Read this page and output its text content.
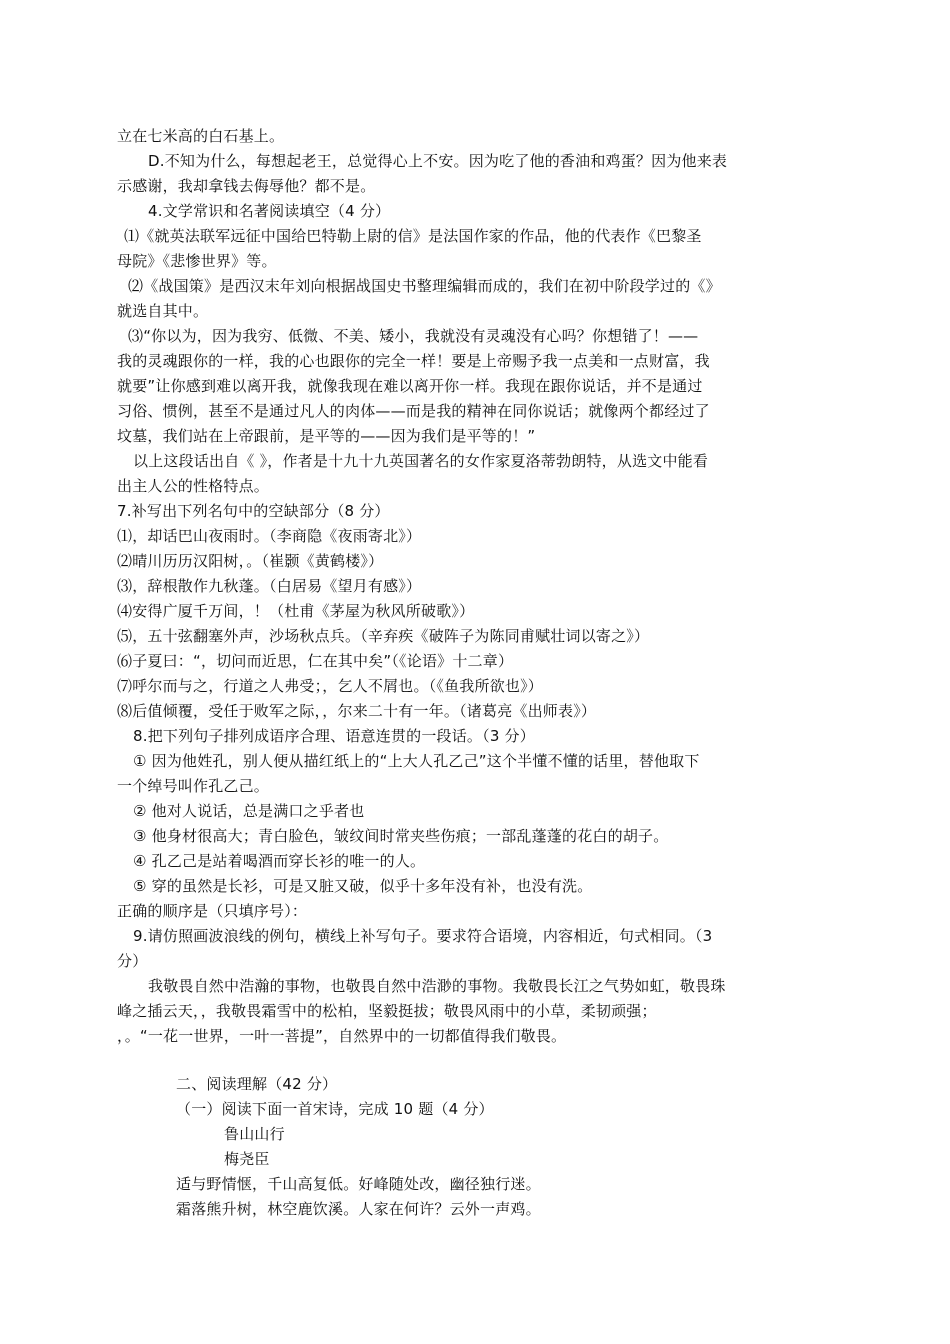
立在七米高的白石基上。
D.不知为什么，每想起老王，总觉得心上不安。因为吃了他的香油和鸡蛋？因为他来表
示感谢，我却拿钱去侮辱他？都不是。
4.文学常识和名著阅读填空（4 分）
⑴《就英法联军远征中国给巴特勒上尉的信》是法国作家的作品，他的代表作《巴黎圣
母院》《悲惨世界》等。
⑵《战国策》是西汉末年刘向根据战国史书整理编辑而成的，我们在初中阶段学过的《》
就选自其中。
⑶“你以为，因为我穷、低微、不美、矮小，我就没有灵魂没有心吗？你想错了！——
我的灵魂跟你的一样，我的心也跟你的完全一样！要是上帝赐予我一点美和一点财富，我
就要”让你感到难以离开我，就像我现在难以离开你一样。我现在跟你说话，并不是通过
习俗、惯例，甚至不是通过凡人的肉体——而是我的精神在同你说话；就像两个都经过了
坟墓，我们站在上帝跟前，是平等的——因为我们是平等的！”
以上这段话出自《 》，作者是十九十九英国著名的女作家夏洛蒂勃朗特，从选文中能看
出主人公的性格特点。
7.补写出下列名句中的空缺部分（8 分）
⑴，却话巴山夜雨时。（李商隐《夜雨寄北》）
⑵晴川历历汉阳树，。（崔颢《黄鹤楼》）
⑶，辞根散作九秋蓬。（白居易《望月有感》）
⑷安得广厦千万间，！（杜甫《茅屋为秋风所破歌》）
⑸，五十弦翻塞外声，沙场秋点兵。（辛弃疾《破阵子为陈同甫赋壮词以寄之》）
⑹子夏曰：“，切问而近思，仁在其中矣”（《论语》十二章）
⑺呼尔而与之，行道之人弗受；，乞人不屑也。（《鱼我所欲也》）
⑻后值倾覆，受任于败军之际，，尔来二十有一年。（诸葛亮《出师表》）
8.把下列句子排列成语序合理、语意连贯的一段话。（3 分）
① 因为他姓孔，别人便从描红纸上的“上大人孔乙己”这个半懂不懂的话里，替他取下
一个绰号叫作孔乙己。
② 他对人说话，总是满口之乎者也
③ 他身材很高大；青白脸色，皱纹间时常夹些伤痕；一部乱蓬蓬的花白的胡子。
④ 孔乙己是站着喝酒而穿长衫的唯一的人。
⑤ 穿的虽然是长衫，可是又脏又破，似乎十多年没有补，也没有洗。
正确的顺序是（只填序号）：
9.请仿照画波浪线的例句，横线上补写句子。要求符合语境，内容相近，句式相同。（3
分）
我敬畏自然中浩瀚的事物，也敬畏自然中浩渺的事物。我敬畏长江之气势如虹，敬畏珠
峰之插云天，，我敬畏霜雪中的松柏，坚毅挺拔；敬畏风雨中的小草，柔韧顽强；
，。“一花一世界，一叶一菩提”，自然界中的一切都值得我们敬畏。
二、阅读理解（42 分）
（一）阅读下面一首宋诗，完成 10 题（4 分）
鲁山山行
梅尧臣
适与野情惬，千山高复低。好峰随处改，幽径独行迷。
霜落熊升树，林空鹿饮溪。人家在何许？云外一声鸡。
